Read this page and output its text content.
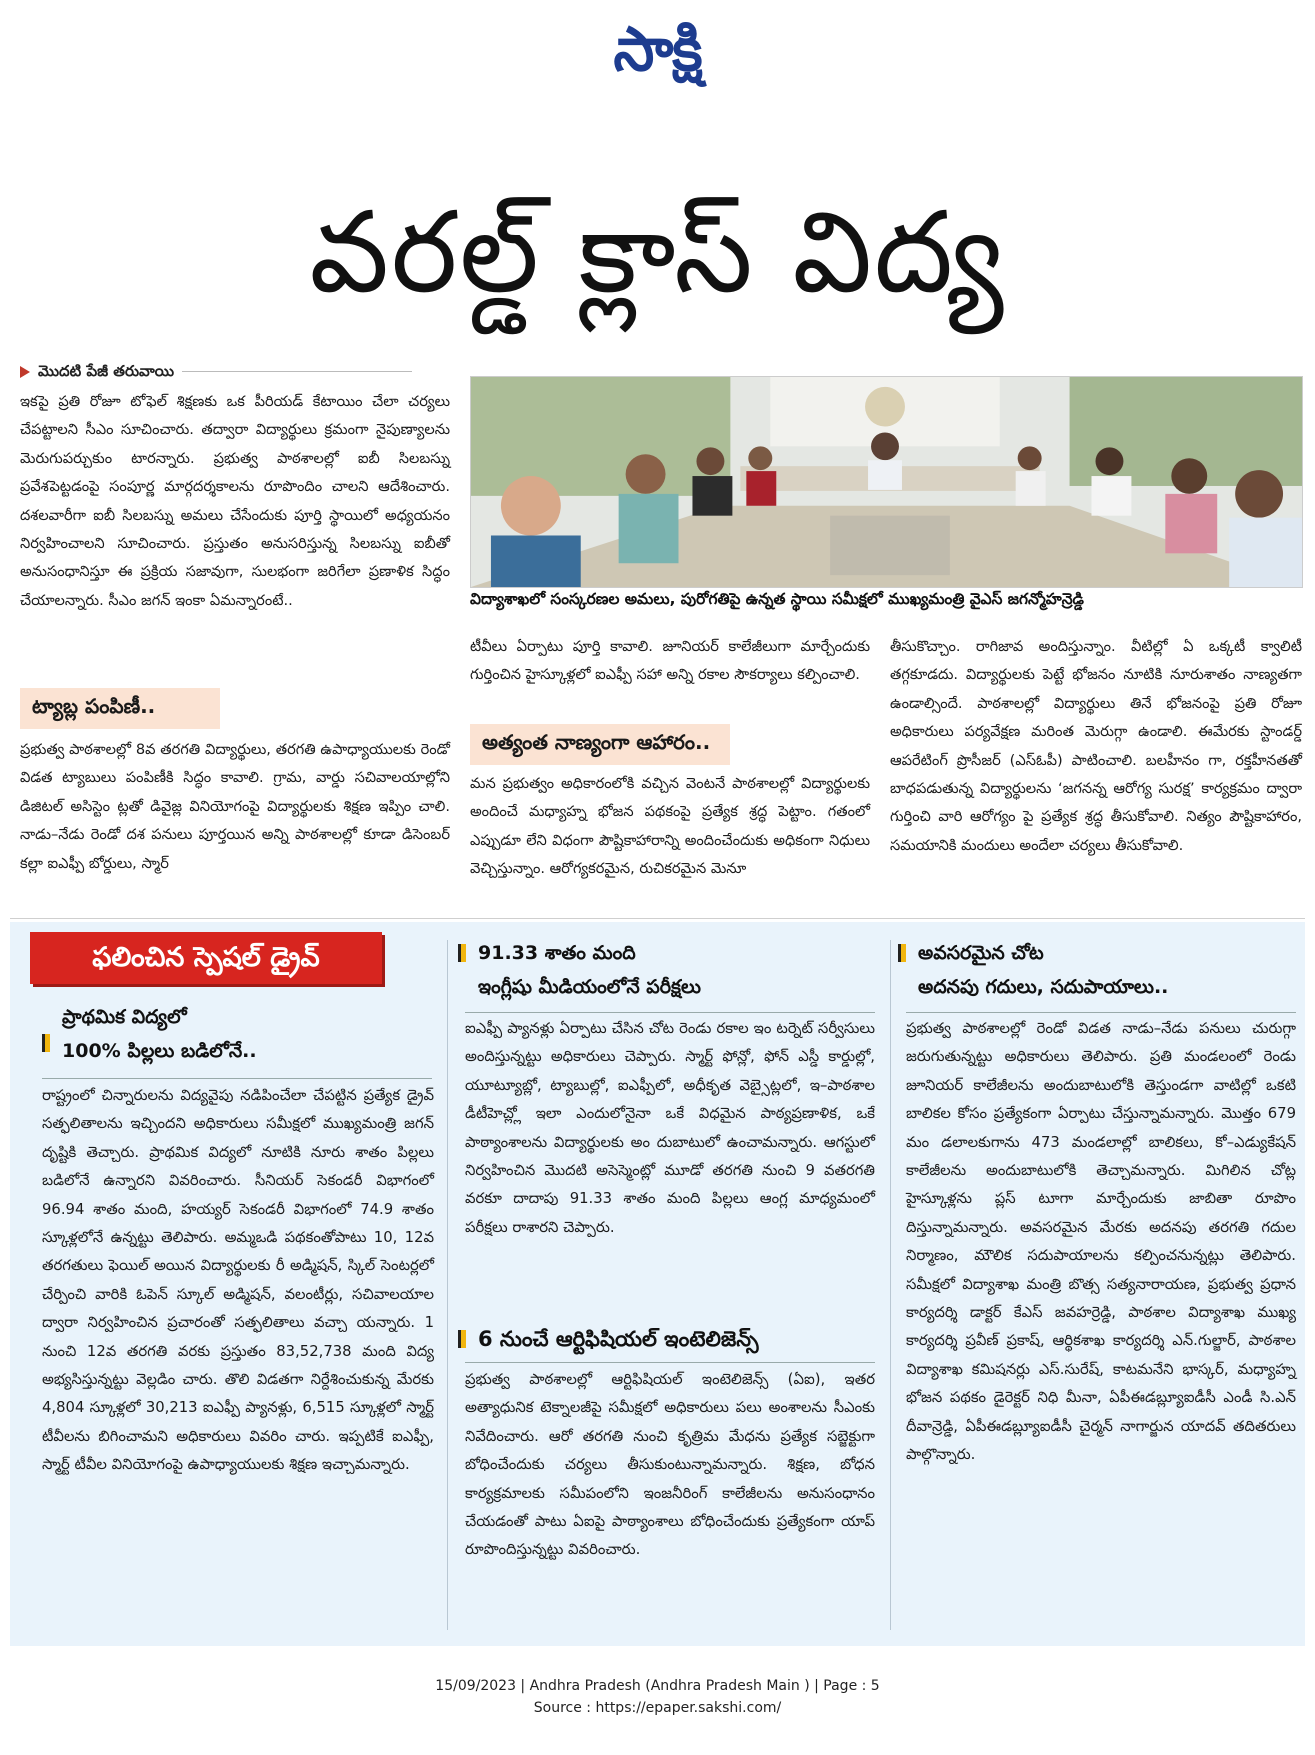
సాక్షి
వరల్డ్ క్లాస్ విద్య
మొదటి పేజీ తరువాయి

ఇకపై ప్రతి రోజూ టోఫెల్ శిక్షణకు ఒక పీరియడ్ కేటాయిం చేలా చర్యలు చేపట్టాలని సీఎం సూచించారు. తద్వారా విద్యార్థులు క్రమంగా నైపుణ్యాలను మెరుగుపర్చుకుం టారన్నారు. ప్రభుత్వ పాఠశాలల్లో ఐబీ సిలబస్ను ప్రవేశపెట్టడంపై సంపూర్ణ మార్గదర్శకాలను రూపొందిం చాలని ఆదేశించారు. దశలవారీగా ఐబీ సిలబస్ను అమలు చేసేందుకు పూర్తి స్థాయిలో అధ్యయనం నిర్వహించాలని సూచించారు. ప్రస్తుతం అనుసరిస్తున్న సిలబస్ను ఐబీతో అనుసంధానిస్తూ ఈ ప్రక్రియ సజావుగా, సులభంగా జరిగేలా ప్రణాళిక సిద్ధం చేయాలన్నారు. సీఎం జగన్ ఇంకా ఏమన్నారంటే..

ట్యాబ్ల పంపిణీ..

ప్రభుత్వ పాఠశాలల్లో 8వ తరగతి విద్యార్థులు, తరగతి ఉపాధ్యాయులకు రెండో విడత ట్యాబులు పంపిణీకి సిద్ధం కావాలి. గ్రామ, వార్డు సచివాలయాల్లోని డిజిటల్ అసిస్టెం ట్లతో డివైజ్ల వినియోగంపై విద్యార్థులకు శిక్షణ ఇప్పిం చాలి. నాడు–నేడు రెండో దశ పనులు పూర్తయిన అన్ని పాఠశాలల్లో కూడా డిసెంబర్ కల్లా ఐఎఫ్పీ బోర్డులు, స్మార్

విద్యాశాఖలో సంస్కరణల అమలు, పురోగతిపై ఉన్నత స్థాయి సమీక్షలో ముఖ్యమంత్రి వైఎస్ జగన్మోహన్రెడ్డి

టీవీలు ఏర్పాటు పూర్తి కావాలి. జూనియర్ కాలేజీలుగా మార్చేందుకు గుర్తించిన హైస్కూళ్లలో ఐఎఫ్పీ సహా అన్ని రకాల సౌకర్యాలు కల్పించాలి.

అత్యంత నాణ్యంగా ఆహారం..

మన ప్రభుత్వం అధికారంలోకి వచ్చిన వెంటనే పాఠశాలల్లో విద్యార్థులకు అందించే మధ్యాహ్న భోజన పథకంపై ప్రత్యేక శ్రద్ధ పెట్టాం. గతంలో ఎప్పుడూ లేని విధంగా పౌష్టికాహారాన్ని అందించేందుకు అధికంగా నిధులు వెచ్చిస్తున్నాం. ఆరోగ్యకరమైన, రుచికరమైన మెనూ

తీసుకొచ్చాం. రాగిజావ అందిస్తున్నాం. వీటిల్లో ఏ ఒక్కటీ క్వాలిటీ తగ్గకూడదు. విద్యార్థులకు పెట్టే భోజనం నూటికి నూరుశాతం నాణ్యతగా ఉండాల్సిందే. పాఠశాలల్లో విద్యార్థులు తినే భోజనంపై ప్రతి రోజూ అధికారులు పర్యవేక్షణ మరింత మెరుగ్గా ఉండాలి. ఈమేరకు స్టాండర్డ్ ఆపరేటింగ్ ప్రొసీజర్ (ఎస్ఓపీ) పాటించాలి. బలహీనం గా, రక్తహీనతతో బాధపడుతున్న విద్యార్థులను ‘జగనన్న ఆరోగ్య సురక్ష’ కార్యక్రమం ద్వారా గుర్తించి వారి ఆరోగ్యం పై ప్రత్యేక శ్రద్ధ తీసుకోవాలి. నిత్యం పౌష్టికాహారం, సమయానికి మందులు అందేలా చర్యలు తీసుకోవాలి.

ఫలించిన స్పెషల్ డ్రైవ్
ప్రాథమిక విద్యలో
100% పిల్లలు బడిలోనే..
రాష్ట్రంలో చిన్నారులను విద్యవైపు నడిపించేలా చేపట్టిన ప్రత్యేక డ్రైవ్ సత్ఫలితాలను ఇచ్చిందని అధికారులు సమీక్షలో ముఖ్యమంత్రి జగన్ దృష్టికి తెచ్చారు. ప్రాథమిక విద్యలో నూటికి నూరు శాతం పిల్లలు బడిలోనే ఉన్నారని వివరించారు. సీనియర్ సెకండరీ విభాగంలో 96.94 శాతం మంది, హయ్యర్ సెకండరీ విభాగంలో 74.9 శాతం స్కూళ్లలోనే ఉన్నట్టు తెలిపారు. అమ్మఒడి పథకంతోపాటు 10, 12వ తరగతులు ఫెయిల్ అయిన విద్యార్థులకు రీ అడ్మిషన్, స్కిల్ సెంటర్లలో చేర్పించి వారికి ఓపెన్ స్కూల్ అడ్మిషన్, వలంటీర్లు, సచివాలయాల ద్వారా నిర్వహించిన ప్రచారంతో సత్ఫలితాలు వచ్చా యన్నారు. 1 నుంచి 12వ తరగతి వరకు ప్రస్తుతం 83,52,738 మంది విద్య అభ్యసిస్తున్నట్టు వెల్లడిం చారు. తొలి విడతగా నిర్దేశించుకున్న మేరకు 4,804 స్కూళ్లలో 30,213 ఐఎఫ్పీ ప్యానళ్లు, 6,515 స్కూళ్లలో స్మార్ట్ టీవీలను బిగించామని అధికారులు వివరిం చారు. ఇప్పటికే ఐఎఫ్పీ, స్మార్ట్ టీవీల వినియోగంపై ఉపాధ్యాయులకు శిక్షణ ఇచ్చామన్నారు.
91.33 శాతం మంది
ఇంగ్లీషు మీడియంలోనే పరీక్షలు
ఐఎఫ్పీ ప్యానళ్లు ఏర్పాటు చేసిన చోట రెండు రకాల ఇం టర్నెట్ సర్వీసులు అందిస్తున్నట్టు అధికారులు చెప్పారు. స్మార్ట్ ఫోన్లో, ఫోన్ ఎస్డీ కార్డుల్లో, యూట్యూబ్లో, ట్యాబుల్లో, ఐఎఫ్పీలో, అధీకృత వెబ్సైట్లలో, ఇ–పాఠశాల డీటీహెచ్ల్లో ఇలా ఎందులోనైనా ఒకే విధమైన పాఠ్యప్రణాళిక, ఒకే పాఠ్యాంశాలను విద్యార్థులకు అం దుబాటులో ఉంచామన్నారు. ఆగస్టులో నిర్వహించిన మొదటి అసెస్మెంట్లో మూడో తరగతి నుంచి 9 వతరగతి వరకూ దాదాపు 91.33 శాతం మంది పిల్లలు ఆంగ్ల మాధ్యమంలో పరీక్షలు రాశారని చెప్పారు.
6 నుంచే ఆర్టిఫిషియల్ ఇంటెలిజెన్స్
ప్రభుత్వ పాఠశాలల్లో ఆర్టిఫిషియల్ ఇంటెలిజెన్స్ (ఏఐ), ఇతర అత్యాధునిక టెక్నాలజీపై సమీక్షలో అధికారులు పలు అంశాలను సీఎంకు నివేదించారు. ఆరో తరగతి నుంచి కృత్రిమ మేధను ప్రత్యేక సబ్జెక్టుగా బోధించేందుకు చర్యలు తీసుకుంటున్నామన్నారు. శిక్షణ, బోధన కార్యక్రమాలకు సమీపంలోని ఇంజనీరింగ్ కాలేజీలను అనుసంధానం చేయడంతో పాటు ఏఐపై పాఠ్యాంశాలు బోధించేందుకు ప్రత్యేకంగా యాప్ రూపొందిస్తున్నట్టు వివరించారు.
అవసరమైన చోట
అదనపు గదులు, సదుపాయాలు..
ప్రభుత్వ పాఠశాలల్లో రెండో విడత నాడు–నేడు పనులు చురుగ్గా జరుగుతున్నట్టు అధికారులు తెలిపారు. ప్రతి మండలంలో రెండు జూనియర్ కాలేజీలను అందుబాటులోకి తెస్తుండగా వాటిల్లో ఒకటి బాలికల కోసం ప్రత్యేకంగా ఏర్పాటు చేస్తున్నామన్నారు. మొత్తం 679 మం డలాలకుగాను 473 మండలాల్లో బాలికలు, కో–ఎడ్యుకేషన్ కాలేజీలను అందుబాటులోకి తెచ్చామన్నారు. మిగిలిన చోట్ల హైస్కూళ్లను ప్లస్ టూగా మార్చేందుకు జాబితా రూపొం దిస్తున్నామన్నారు. అవసరమైన మేరకు అదనపు తరగతి గదుల నిర్మాణం, మౌలిక సదుపాయాలను కల్పించనున్నట్లు తెలిపారు. సమీక్షలో విద్యాశాఖ మంత్రి బొత్స సత్యనారాయణ, ప్రభుత్వ ప్రధాన కార్యదర్శి డాక్టర్ కేఎస్ జవహర్రెడ్డి, పాఠశాల విద్యాశాఖ ముఖ్య కార్యదర్శి ప్రవీణ్ ప్రకాష్, ఆర్థికశాఖ కార్యదర్శి ఎన్.గుల్జార్, పాఠశాల విద్యాశాఖ కమిషనర్లు ఎస్.సురేష్, కాటమనేని భాస్కర్, మధ్యాహ్న భోజన పథకం డైరెక్టర్ నిధి మీనా, ఏపీఈడబ్ల్యూఐడీసీ ఎండీ సి.ఎన్ దీవాన్రెడ్డి, ఏపీఈడబ్ల్యూఐడీసీ చైర్మన్ నాగార్జున యాదవ్ తదితరులు పాల్గొన్నారు.
15/09/2023 | Andhra Pradesh (Andhra Pradesh Main ) | Page : 5
Source : https://epaper.sakshi.com/
